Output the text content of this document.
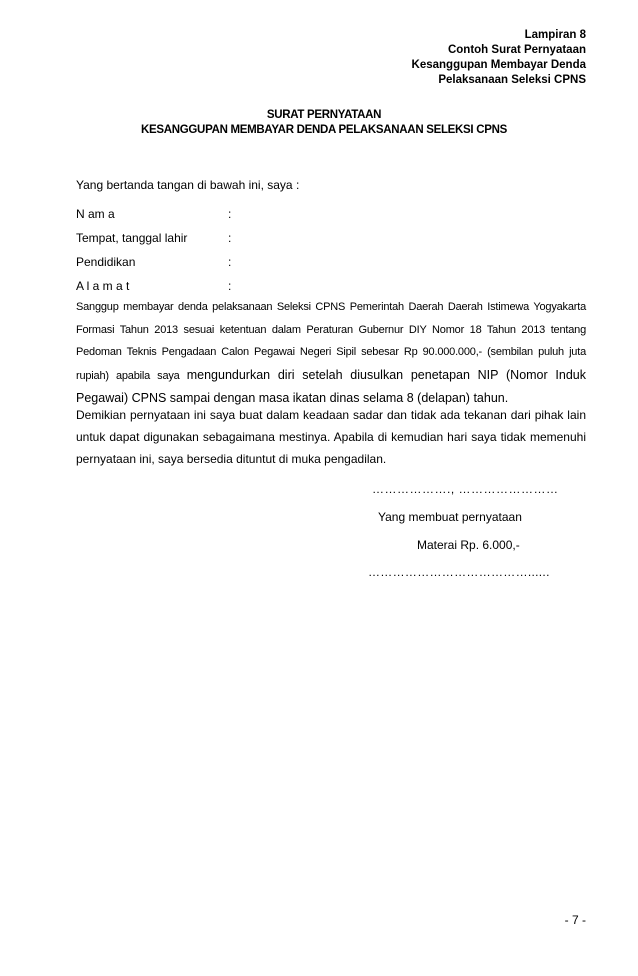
Lampiran 8
Contoh Surat Pernyataan
Kesanggupan Membayar Denda
Pelaksanaan Seleksi CPNS
SURAT PERNYATAAN
KESANGGUPAN MEMBAYAR DENDA PELAKSANAAN SELEKSI CPNS
Yang bertanda tangan di bawah ini, saya :
N am a	:
Tempat, tanggal lahir	:
Pendidikan	:
A l a m a t	:
Sanggup membayar denda pelaksanaan Seleksi CPNS Pemerintah Daerah Daerah Istimewa Yogyakarta Formasi Tahun 2013 sesuai ketentuan dalam Peraturan Gubernur DIY Nomor 18 Tahun 2013 tentang Pedoman Teknis Pengadaan Calon Pegawai Negeri Sipil sebesar Rp 90.000.000,- (sembilan puluh juta rupiah) apabila saya mengundurkan diri setelah diusulkan penetapan NIP (Nomor Induk Pegawai) CPNS sampai dengan masa ikatan dinas selama 8 (delapan) tahun.
Demikian pernyataan ini saya buat dalam keadaan sadar dan tidak ada tekanan dari pihak lain untuk dapat digunakan sebagaimana mestinya. Apabila di kemudian hari saya tidak memenuhi pernyataan ini, saya bersedia dituntut di muka pengadilan.
………………., ……………………
Yang membuat pernyataan
Materai Rp. 6.000,-
…………………………………......
- 7 -
